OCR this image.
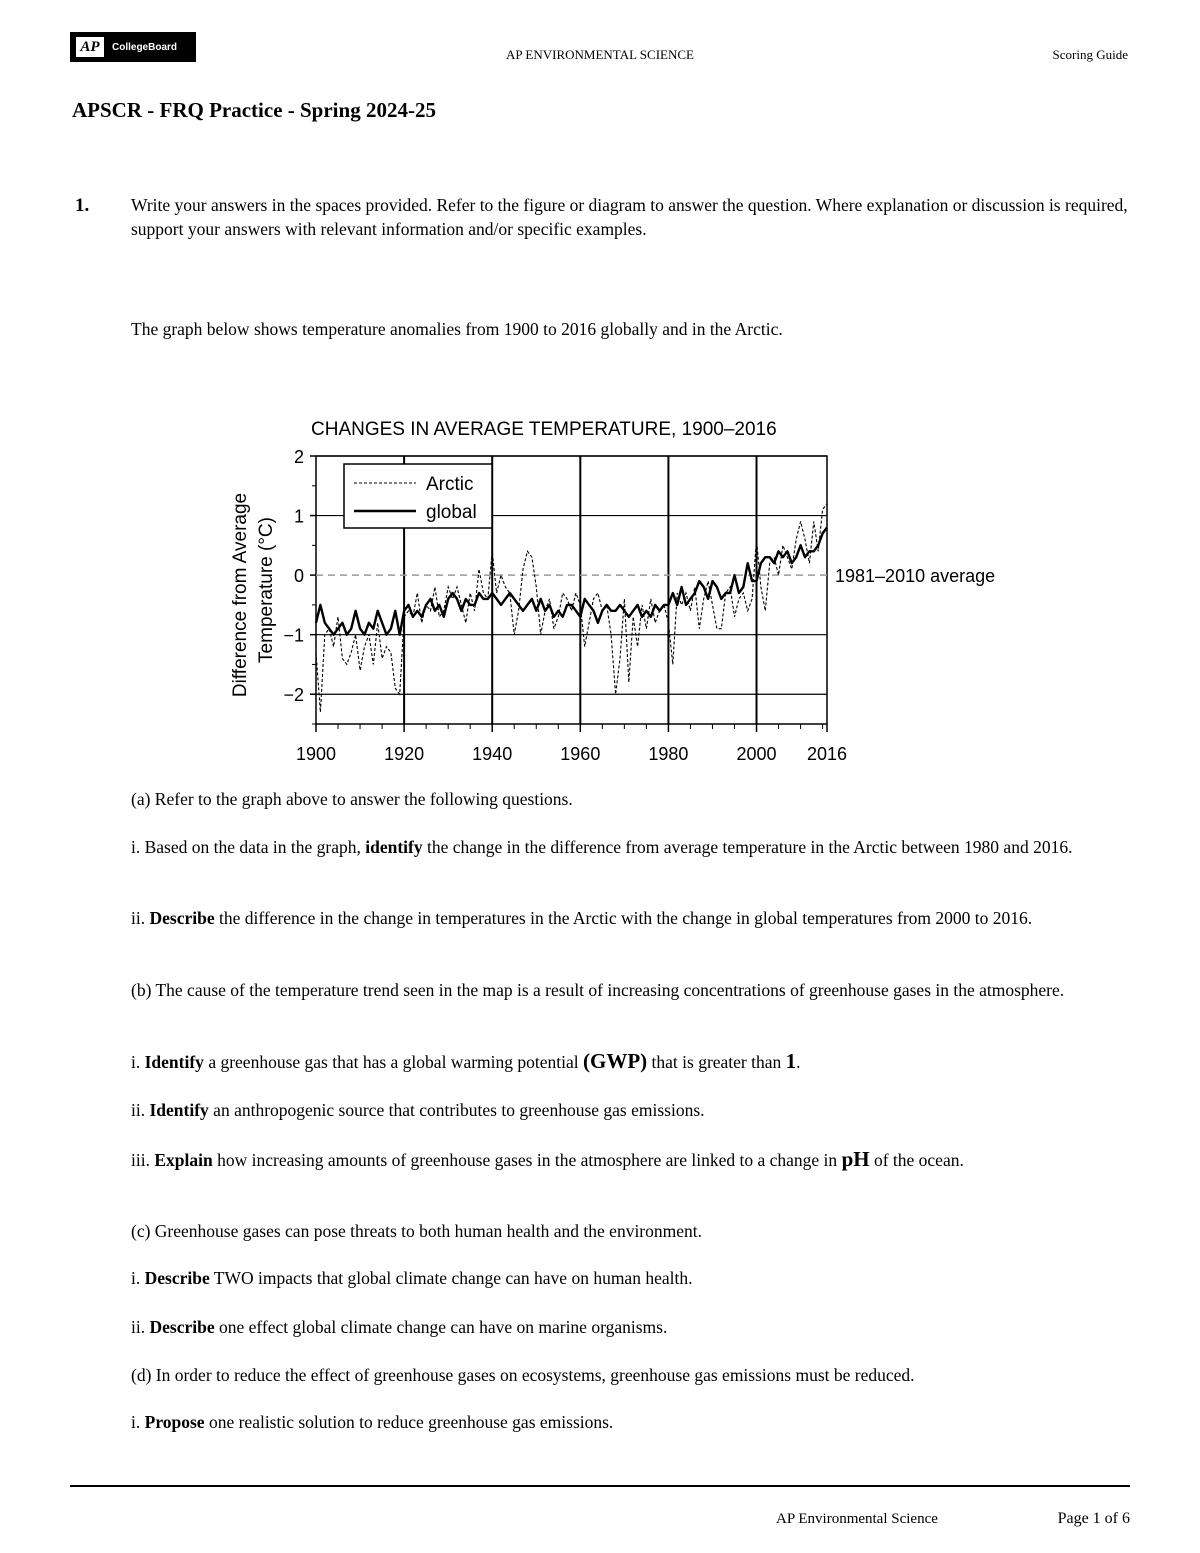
AP	CollegeBoard	AP ENVIRONMENTAL SCIENCE	Scoring Guide
APSCR - FRQ Practice - Spring 2024-25
1. Write your answers in the spaces provided. Refer to the figure or diagram to answer the question. Where explanation or discussion is required, support your answers with relevant information and/or specific examples.
The graph below shows temperature anomalies from 1900 to 2016 globally and in the Arctic.
CHANGES IN AVERAGE TEMPERATURE, 1900–2016
1900	1920	1940	1960	1980	2000 2016
2
1
0
−1
−2
1981–2010 average
Difference from Average Temperature (°C)
Arctic
global
(a) Refer to the graph above to answer the following questions.
i. Based on the data in the graph, identify the change in the difference from average temperature in the Arctic between 1980 and 2016.
ii. Describe the difference in the change in temperatures in the Arctic with the change in global temperatures from 2000 to 2016.
(b) The cause of the temperature trend seen in the map is a result of increasing concentrations of greenhouse gases in the atmosphere.
i. Identify a greenhouse gas that has a global warming potential (GWP) that is greater than 1.
ii. Identify an anthropogenic source that contributes to greenhouse gas emissions.
iii. Explain how increasing amounts of greenhouse gases in the atmosphere are linked to a change in pH of the ocean.
(c) Greenhouse gases can pose threats to both human health and the environment.
i. Describe TWO impacts that global climate change can have on human health.
ii. Describe one effect global climate change can have on marine organisms.
(d) In order to reduce the effect of greenhouse gases on ecosystems, greenhouse gas emissions must be reduced.
i. Propose one realistic solution to reduce greenhouse gas emissions.
AP Environmental Science	Page 1 of 6
